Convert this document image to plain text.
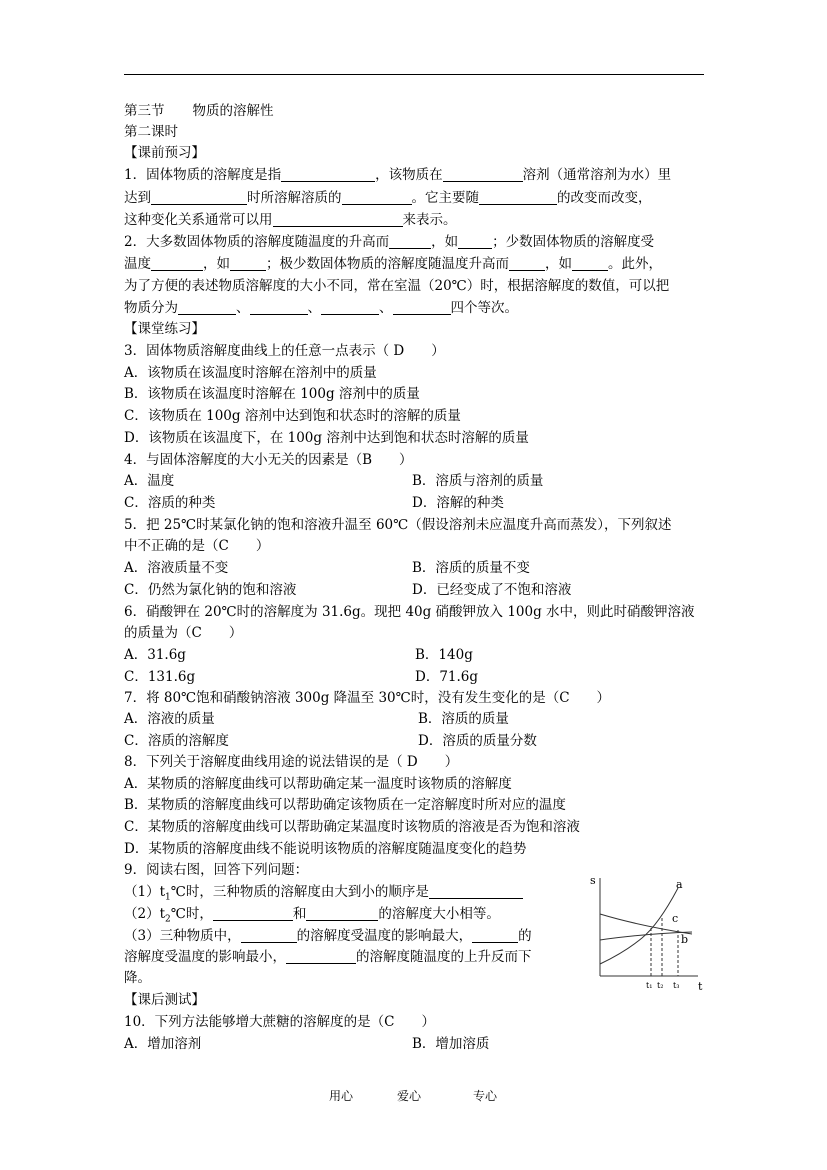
第三节 物质的溶解性
第二课时
【课前预习】
1．固体物质的溶解度是指	，该物质在	溶剂（通常溶剂为水）里
达到	时所溶解溶质的	。它主要随	的改变而改变，
这种变化关系通常可以用	来表示。
2．大多数固体物质的溶解度随温度的升高而	，如	；少数固体物质的溶解度受
温度	，如	；极少数固体物质的溶解度随温度升高而	，如	。此外，
为了方便的表述物质溶解度的大小不同，常在室温（20℃）时，根据溶解度的数值，可以把
物质分为	、	、	、	四个等次。
【课堂练习】
3．固体物质溶解度曲线上的任意一点表示（ D　　）
A．该物质在该温度时溶解在溶剂中的质量
B．该物质在该温度时溶解在 100g 溶剂中的质量
C．该物质在 100g 溶剂中达到饱和状态时的溶解的质量
D．该物质在该温度下，在 100g 溶剂中达到饱和状态时溶解的质量
4．与固体溶解度的大小无关的因素是（B　　）
A．温度	B．溶质与溶剂的质量
C．溶质的种类	D．溶解的种类
5．把 25℃时某氯化钠的饱和溶液升温至 60℃（假设溶剂未应温度升高而蒸发），下列叙述
中不正确的是（C　　）
A．溶液质量不变	B．溶质的质量不变
C．仍然为氯化钠的饱和溶液	D．已经变成了不饱和溶液
6．硝酸钾在 20℃时的溶解度为 31.6g。现把 40g 硝酸钾放入 100g 水中，则此时硝酸钾溶液
的质量为（C　　）
A．31.6g	B．140g
C．131.6g	D．71.6g
7．将 80℃饱和硝酸钠溶液 300g 降温至 30℃时，没有发生变化的是（C　　）
A．溶液的质量	B．溶质的质量
C．溶质的溶解度	D．溶质的质量分数
8．下列关于溶解度曲线用途的说法错误的是（ D　　）
A．某物质的溶解度曲线可以帮助确定某一温度时该物质的溶解度
B．某物质的溶解度曲线可以帮助确定该物质在一定溶解度时所对应的温度
C．某物质的溶解度曲线可以帮助确定某温度时该物质的溶液是否为饱和溶液
D．某物质的溶解度曲线不能说明该物质的溶解度随温度变化的趋势
9．阅读右图，回答下列问题：
$(1)t_1℃$时，三种物质的溶解度由大到小的顺序是
$(2)t_2℃$时，	和	的溶解度大小相等。
（3）三种物质中，	的溶解度受温度的影响最大，	的
溶解度受温度的影响最小，	的溶解度随温度的上升反而下
降。
s
t
a
b
c
t₁ t₂ t₃
【课后测试】
10．下列方法能够增大蔗糖的溶解度的是（C　　）
A．增加溶剂	B．增加溶质
用心	爱心	专心
